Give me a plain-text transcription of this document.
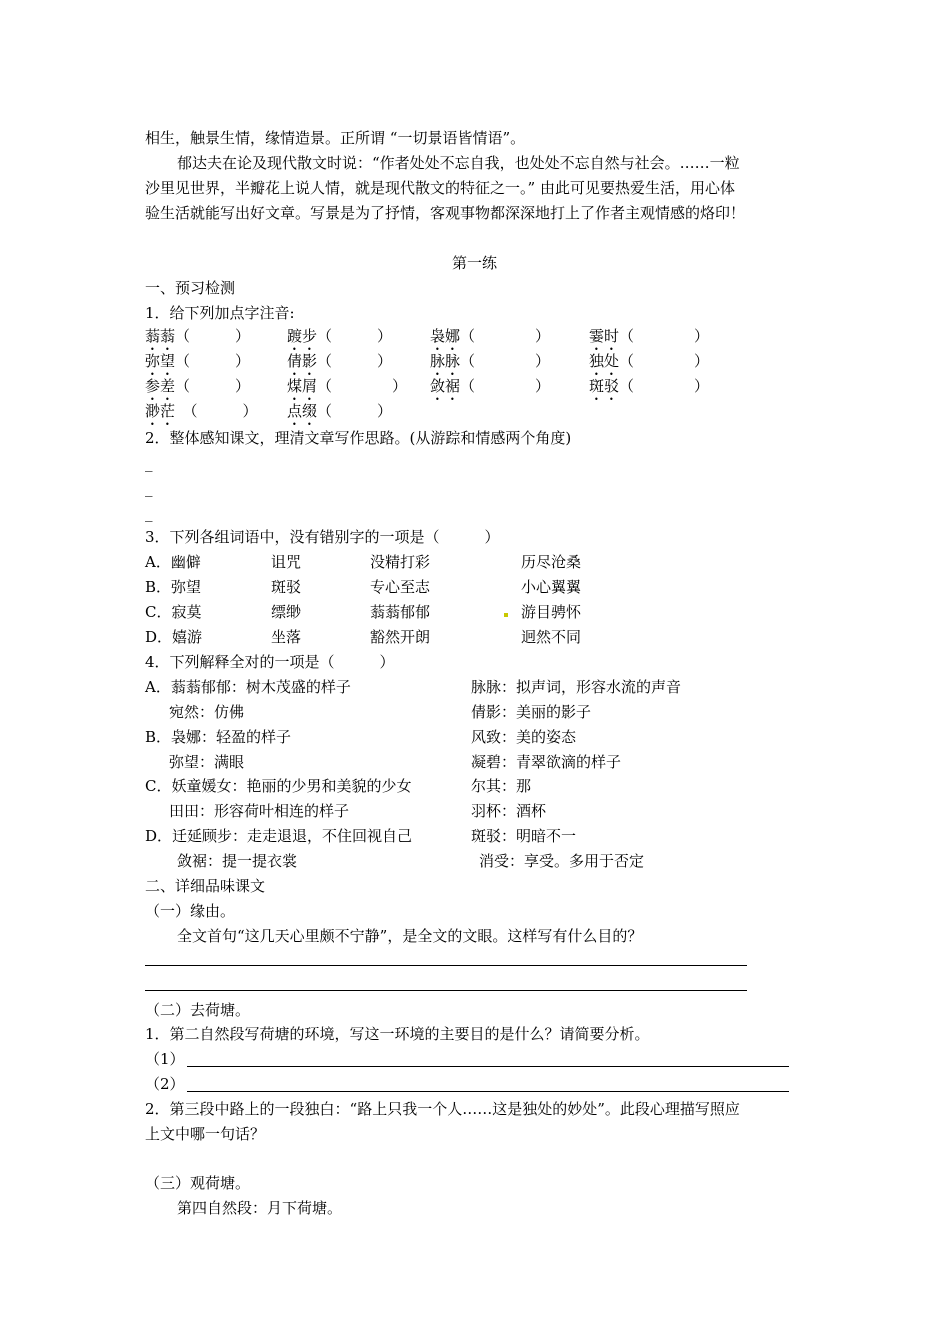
相生，触景生情，缘情造景。正所谓 “一切景语皆情语”。
郁达夫在论及现代散文时说：“作者处处不忘自我，也处处不忘自然与社会。……一粒
沙里见世界，半瓣花上说人情，就是现代散文的特征之一。” 由此可见要热爱生活，用心体
验生活就能写出好文章。写景是为了抒情，客观事物都深深地打上了作者主观情感的烙印！
第一练
一、预习检测
1．给下列加点字注音:
蓊蓊（　　　） 踱步（　　　）	袅娜（　　　　）	霎时（　　　　）
弥望（　　　） 倩影（　　　）	脉脉（　　　　）	独处（　　　　）
参差（　　　） 煤屑（　　　　） 敛裾（　　　　）	斑驳（　　　　）
渺茫　（　　　） 点缀（　　　）
2．整体感知课文，理清文章写作思路。(从游踪和情感两个角度)
_
_
_
3．下列各组词语中，没有错别字的一项是（　　　）
A．幽僻	诅咒	没精打彩	历尽沧桑
B．弥望	斑驳	专心至志	小心翼翼
C．寂莫	缥缈	蓊蓊郁郁	游目骋怀
D．嬉游	坐落	豁然开朗	迥然不同
4．下列解释全对的一项是（　　　）
A．蓊蓊郁郁：树木茂盛的样子	脉脉：拟声词，形容水流的声音
宛然：仿佛	倩影：美丽的影子
B．袅娜：轻盈的样子	风致：美的姿态
弥望：满眼	凝碧：青翠欲滴的样子
C．妖童媛女：艳丽的少男和美貌的少女	尔其：那
田田：形容荷叶相连的样子	羽杯：酒杯
D．迁延顾步：走走退退，不住回视自己	斑驳：明暗不一
敛裾：提一提衣裳	消受：享受。多用于否定
二、详细品味课文
（一）缘由。
全文首句“这几天心里颇不宁静”，是全文的文眼。这样写有什么目的？
（二）去荷塘。
1．第二自然段写荷塘的环境，写这一环境的主要目的是什么？请简要分析。
（1）
（2）
2．第三段中路上的一段独白：“路上只我一个人……这是独处的妙处”。此段心理描写照应
上文中哪一句话？
（三）观荷塘。
第四自然段：月下荷塘。
